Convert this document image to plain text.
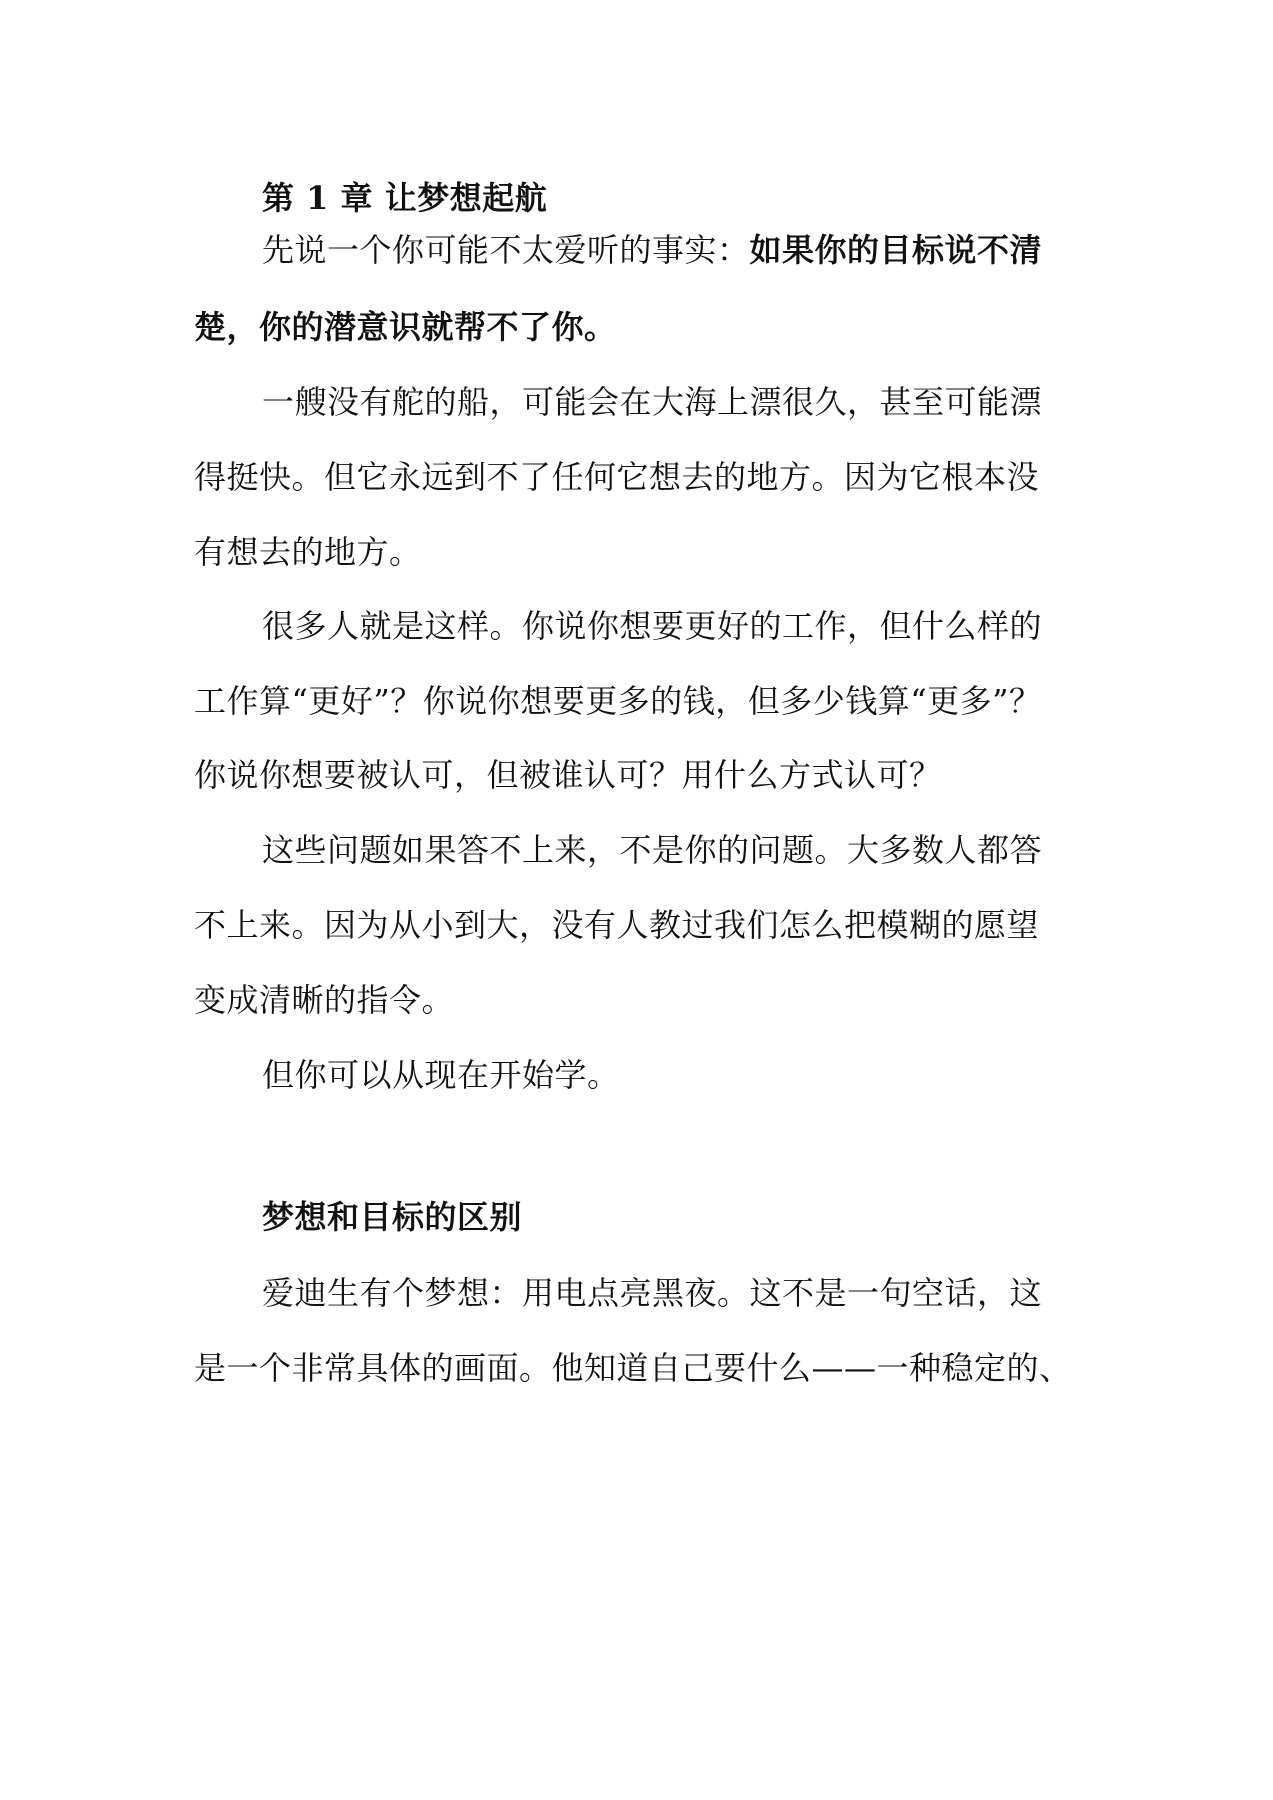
第 1 章 让梦想起航
先说一个你可能不太爱听的事实：如果你的目标说不清
楚，你的潜意识就帮不了你。
一艘没有舵的船，可能会在大海上漂很久，甚至可能漂
得挺快。但它永远到不了任何它想去的地方。因为它根本没
有想去的地方。
很多人就是这样。你说你想要更好的工作，但什么样的
工作算“更好”？你说你想要更多的钱，但多少钱算“更多”？
你说你想要被认可，但被谁认可？用什么方式认可？
这些问题如果答不上来，不是你的问题。大多数人都答
不上来。因为从小到大，没有人教过我们怎么把模糊的愿望
变成清晰的指令。
但你可以从现在开始学。
梦想和目标的区别
爱迪生有个梦想：用电点亮黑夜。这不是一句空话，这
是一个非常具体的画面。他知道自己要什么——一种稳定的、
